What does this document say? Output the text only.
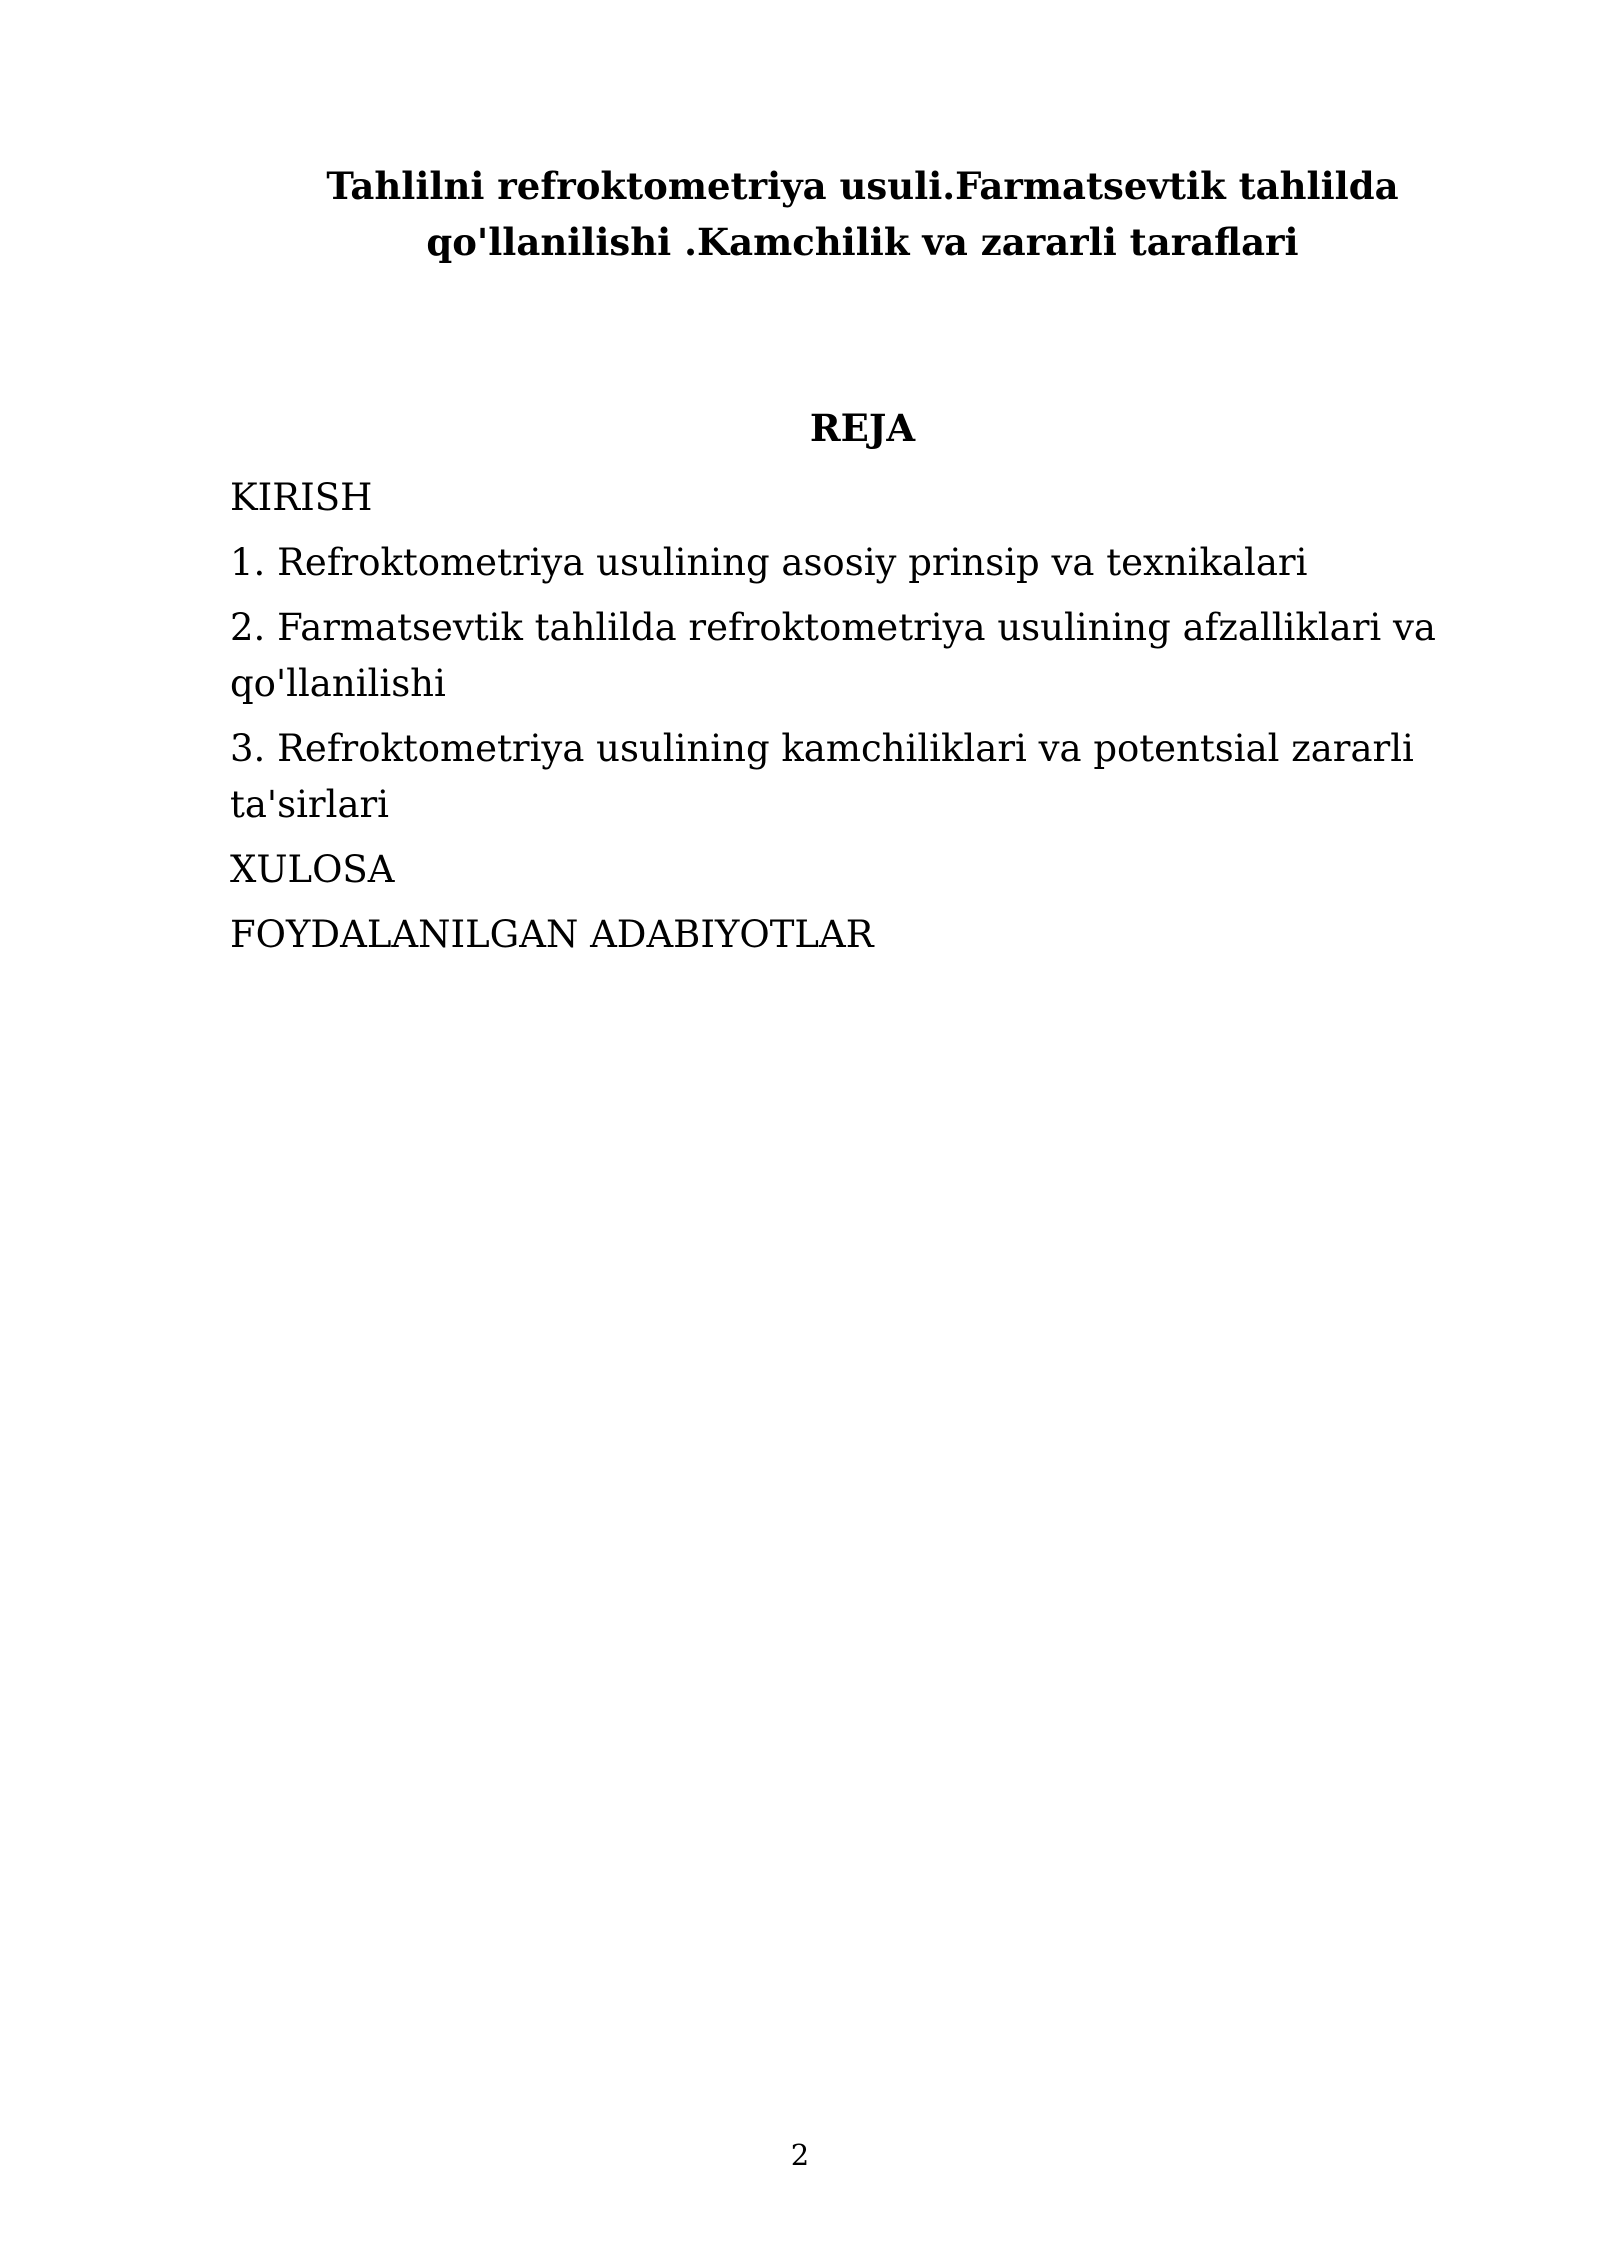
Tahlilni refroktometriya usuli.Farmatsevtik tahlilda
qo'llanilishi .Kamchilik va zararli taraflari
REJA
KIRISH
1. Refroktometriya usulining asosiy prinsip va texnikalari
2. Farmatsevtik tahlilda refroktometriya usulining afzalliklari va qo'llanilishi
3. Refroktometriya usulining kamchiliklari va potentsial zararli ta'sirlari
XULOSA
FOYDALANILGAN ADABIYOTLAR
2
